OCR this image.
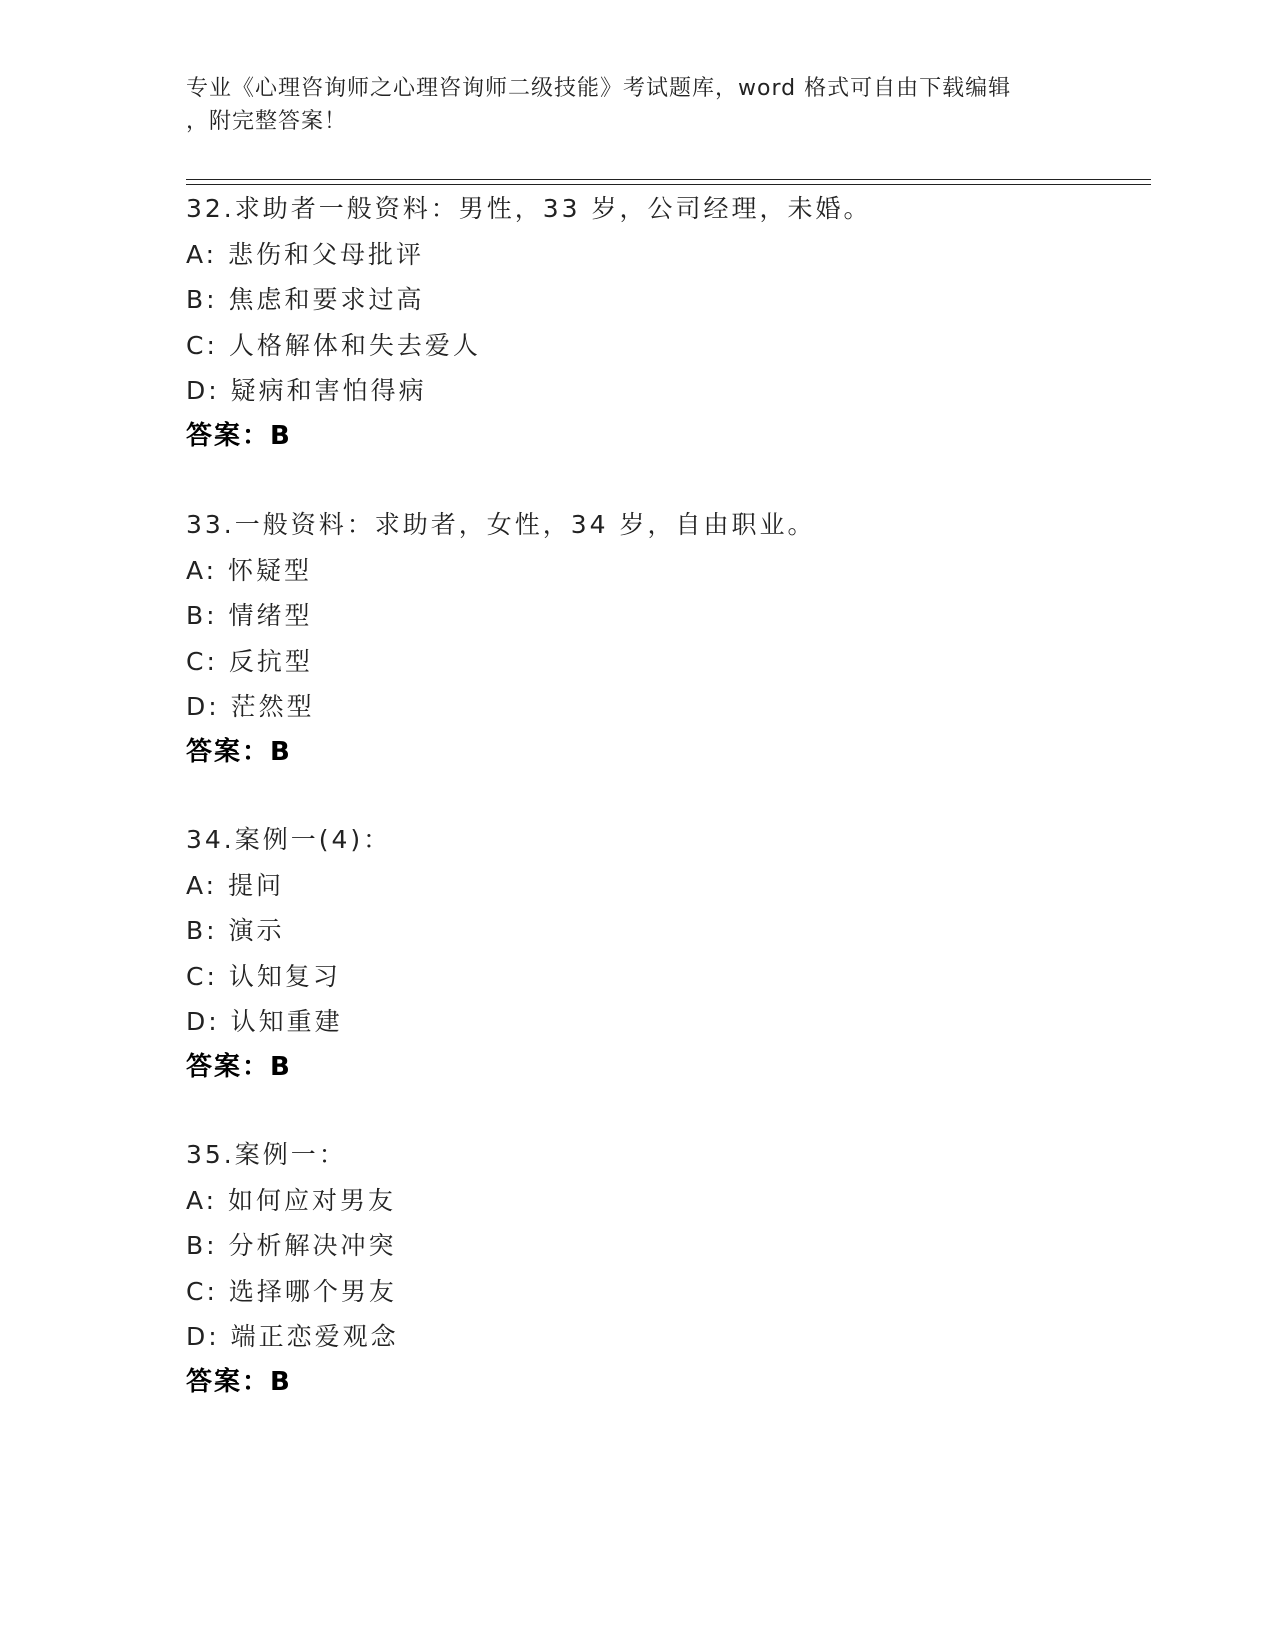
专业《心理咨询师之心理咨询师二级技能》考试题库，word 格式可自由下载编辑
，附完整答案！
32.求助者一般资料：男性，33 岁，公司经理，未婚。
A: 悲伤和父母批评
B: 焦虑和要求过高
C: 人格解体和失去爱人
D: 疑病和害怕得病
答案：B
33.一般资料：求助者，女性，34 岁，自由职业。
A: 怀疑型
B: 情绪型
C: 反抗型
D: 茫然型
答案：B
34.案例一(4)：
A: 提问
B: 演示
C: 认知复习
D: 认知重建
答案：B
35.案例一：
A: 如何应对男友
B: 分析解决冲突
C: 选择哪个男友
D: 端正恋爱观念
答案：B
